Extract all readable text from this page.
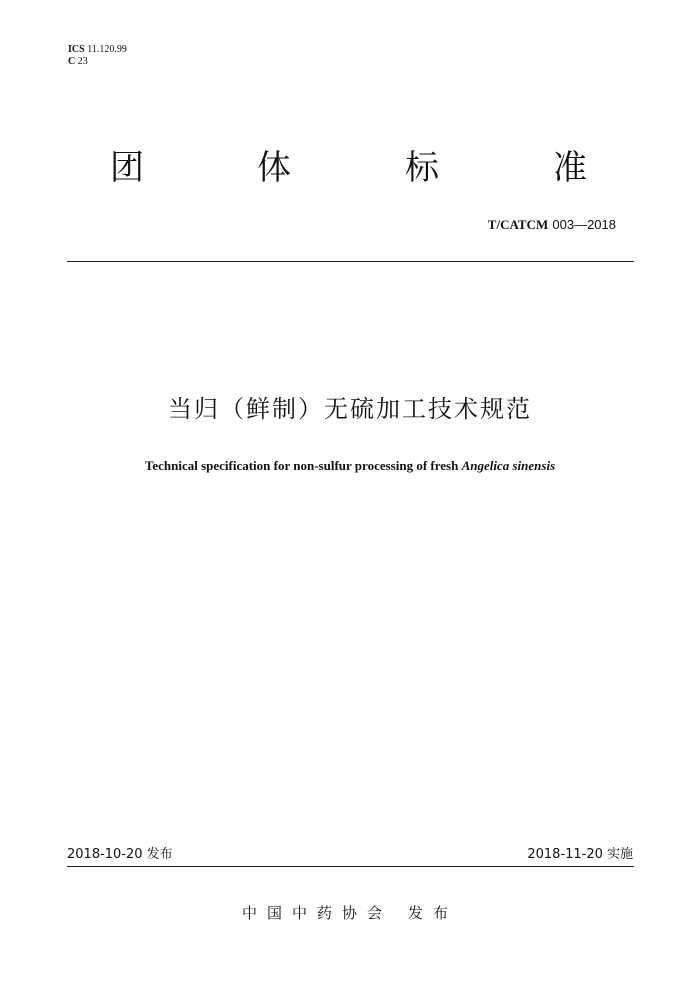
ICS 11.120.99
C 23
团	体	标	准
T/CATCM 003—2018
当归（鲜制）无硫加工技术规范
Technical specification for non-sulfur processing of fresh Angelica sinensis
2018-10-20 发布	2018-11-20 实施
中国中药协会 发布
